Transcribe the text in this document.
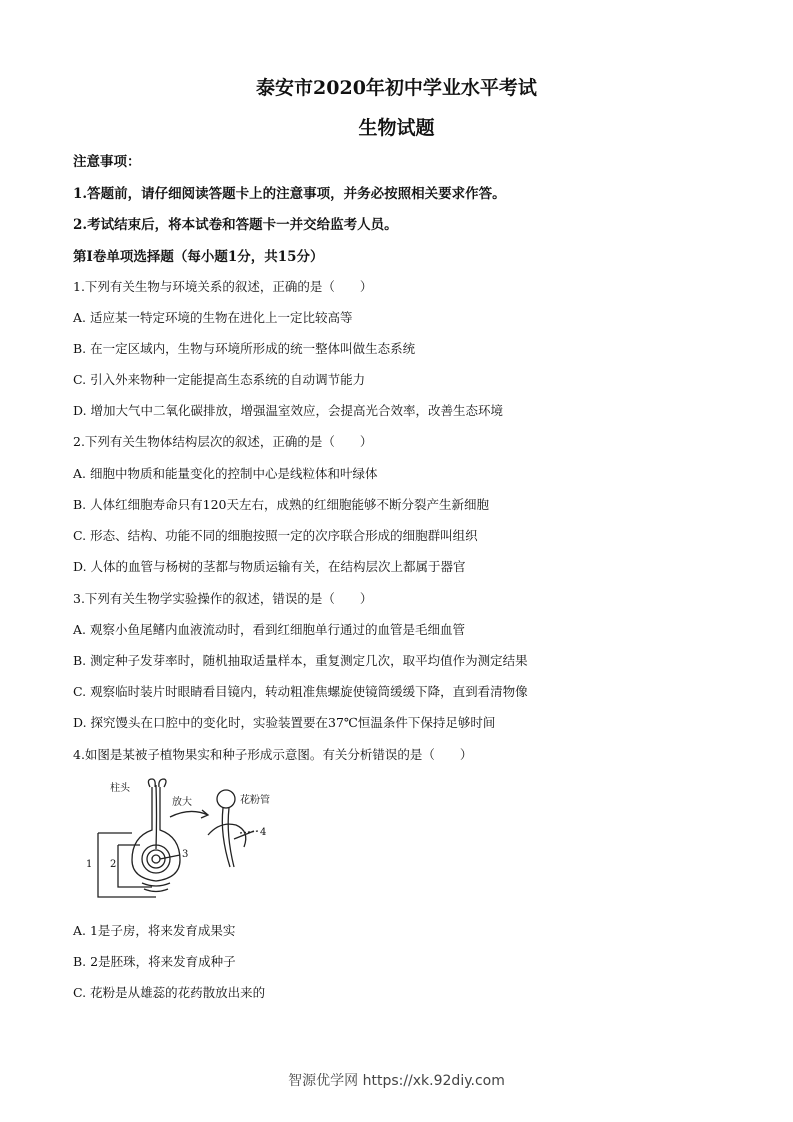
泰安市2020年初中学业水平考试
生物试题
注意事项：
1.答题前，请仔细阅读答题卡上的注意事项，并务必按照相关要求作答。
2.考试结束后，将本试卷和答题卡一并交给监考人员。
第Ⅰ卷单项选择题（每小题1分，共15分）
1.下列有关生物与环境关系的叙述，正确的是（　　）
A. 适应某一特定环境的生物在进化上一定比较高等
B. 在一定区域内，生物与环境所形成的统一整体叫做生态系统
C. 引入外来物种一定能提高生态系统的自动调节能力
D. 增加大气中二氧化碳排放，增强温室效应，会提高光合效率，改善生态环境
2.下列有关生物体结构层次的叙述，正确的是（　　）
A. 细胞中物质和能量变化的控制中心是线粒体和叶绿体
B. 人体红细胞寿命只有120天左右，成熟的红细胞能够不断分裂产生新细胞
C. 形态、结构、功能不同的细胞按照一定的次序联合形成的细胞群叫组织
D. 人体的血管与杨树的茎都与物质运输有关，在结构层次上都属于器官
3.下列有关生物学实验操作的叙述，错误的是（　　）
A. 观察小鱼尾鳍内血液流动时，看到红细胞单行通过的血管是毛细血管
B. 测定种子发芽率时，随机抽取适量样本，重复测定几次，取平均值作为测定结果
C. 观察临时装片时眼睛看目镜内，转动粗准焦螺旋使镜筒缓缓下降，直到看清物像
D. 探究馒头在口腔中的变化时，实验装置要在37℃恒温条件下保持足够时间
4.如图是某被子植物果实和种子形成示意图。有关分析错误的是（　　）
柱头
放大	花粉管
1 2
3
4
A. 1是子房，将来发育成果实
B. 2是胚珠，将来发育成种子
C. 花粉是从雄蕊的花药散放出来的
智源优学网 https://xk.92diy.com
